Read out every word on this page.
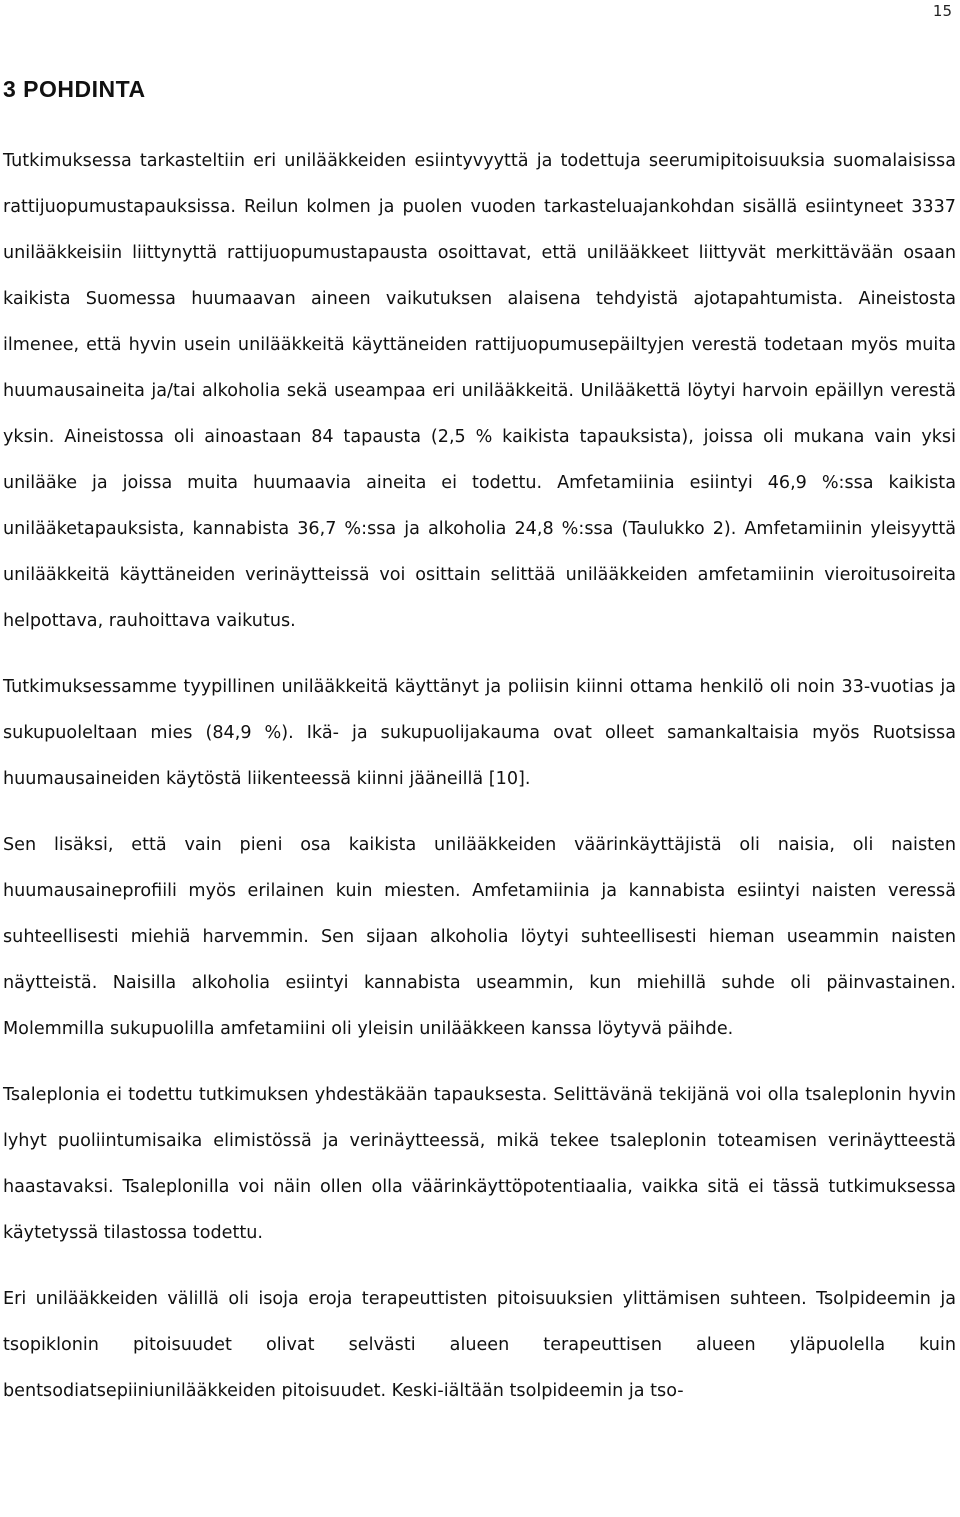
15
3 POHDINTA

Tutkimuksessa tarkasteltiin eri unilääkkeiden esiintyvyyttä ja todettuja seerumipitoisuuksia suomalaisissa rattijuopumustapauksissa. Reilun kolmen ja puolen vuoden tarkasteluajankohdan sisällä esiintyneet 3337 unilääkkeisiin liittynyttä rattijuopumustapausta osoittavat, että unilääkkeet liittyvät merkittävään osaan kaikista Suomessa huumaavan aineen vaikutuksen alaisena tehdyistä ajotapahtumista. Aineistosta ilmenee, että hyvin usein unilääkkeitä käyttäneiden rattijuopumusepäiltyjen verestä todetaan myös muita huumausaineita ja/tai alkoholia sekä useampaa eri unilääkkeitä. Unilääkettä löytyi harvoin epäillyn verestä yksin. Aineistossa oli ainoastaan 84 tapausta (2,5 % kaikista tapauksista), joissa oli mukana vain yksi unilääke ja joissa muita huumaavia aineita ei todettu. Amfetamiinia esiintyi 46,9 %:ssa kaikista unilääketapauksista, kannabista 36,7 %:ssa ja alkoholia 24,8 %:ssa (Taulukko 2). Amfetamiinin yleisyyttä unilääkkeitä käyttäneiden verinäytteissä voi osittain selittää unilääkkeiden amfetamiinin vieroitusoireita helpottava, rauhoittava vaikutus.

Tutkimuksessamme tyypillinen unilääkkeitä käyttänyt ja poliisin kiinni ottama henkilö oli noin 33-vuotias ja sukupuoleltaan mies (84,9 %). Ikä- ja sukupuolijakauma ovat olleet samankaltaisia myös Ruotsissa huumausaineiden käytöstä liikenteessä kiinni jääneillä [10].

Sen lisäksi, että vain pieni osa kaikista unilääkkeiden väärinkäyttäjistä oli naisia, oli naisten huumausaineprofiili myös erilainen kuin miesten. Amfetamiinia ja kannabista esiintyi naisten veressä suhteellisesti miehiä harvemmin. Sen sijaan alkoholia löytyi suhteellisesti hieman useammin naisten näytteistä. Naisilla alkoholia esiintyi kannabista useammin, kun miehillä suhde oli päinvastainen. Molemmilla sukupuolilla amfetamiini oli yleisin unilääkkeen kanssa löytyvä päihde.

Tsaleplonia ei todettu tutkimuksen yhdestäkään tapauksesta. Selittävänä tekijänä voi olla tsaleplonin hyvin lyhyt puoliintumisaika elimistössä ja verinäytteessä, mikä tekee tsaleplonin toteamisen verinäytteestä haastavaksi. Tsaleplonilla voi näin ollen olla väärinkäyttöpotentiaalia, vaikka sitä ei tässä tutkimuksessa käytetyssä tilastossa todettu.

Eri unilääkkeiden välillä oli isoja eroja terapeuttisten pitoisuuksien ylittämisen suhteen. Tsolpideemin ja tsopiklonin pitoisuudet olivat selvästi alueen terapeuttisen alueen yläpuolella kuin bentsodiatsepiiniunilääkkeiden pitoisuudet. Keski-iältään tsolpideemin ja tso-
